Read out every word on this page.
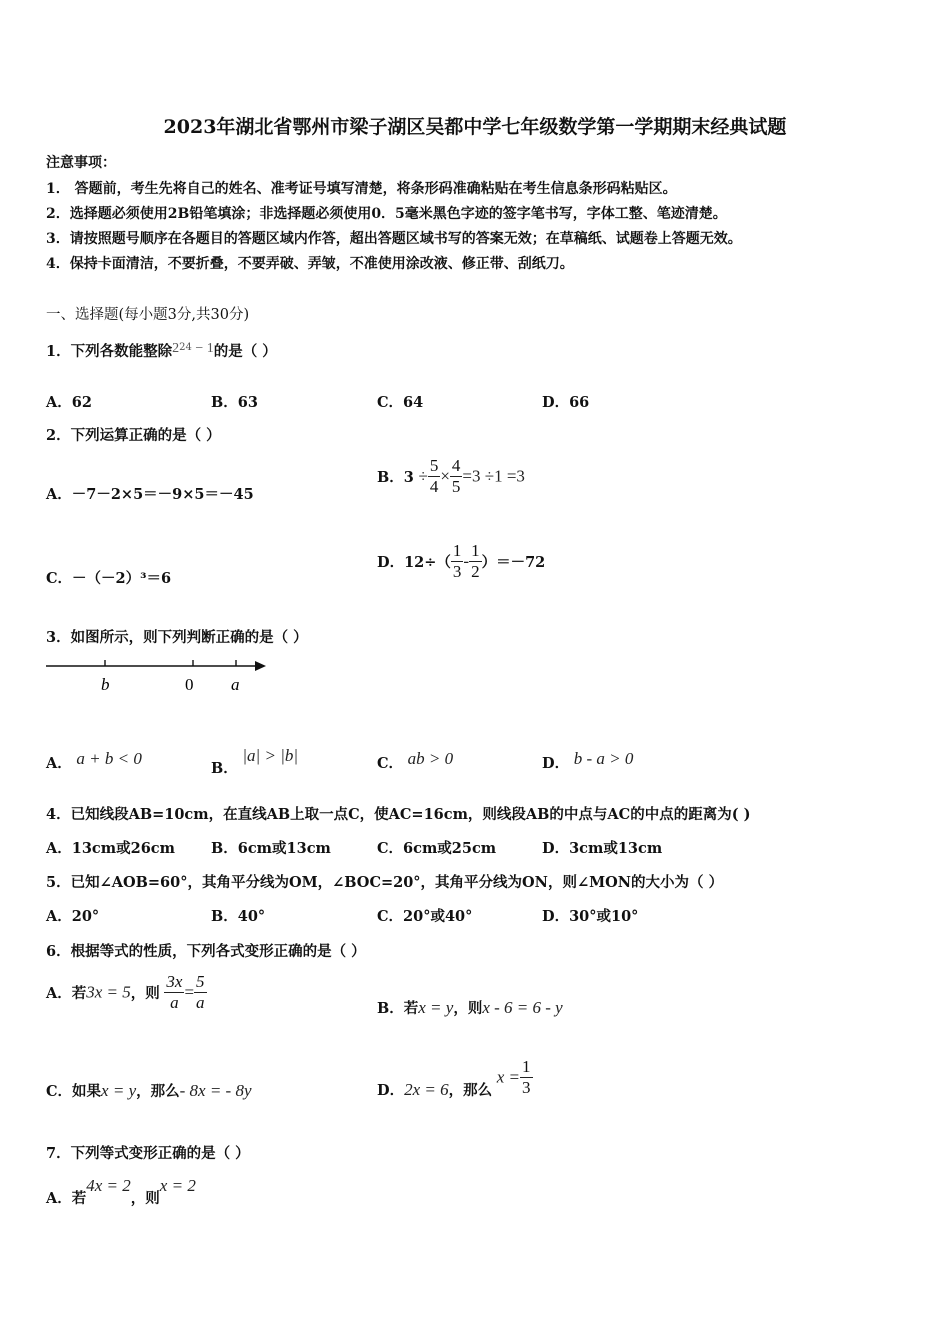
2023年湖北省鄂州市梁子湖区吴都中学七年级数学第一学期期末经典试题
注意事项：
1． 答题前，考生先将自己的姓名、准考证号填写清楚，将条形码准确粘贴在考生信息条形码粘贴区。
2．选择题必须使用2B铅笔填涂；非选择题必须使用0．5毫米黑色字迹的签字笔书写，字体工整、笔迹清楚。
3．请按照题号顺序在各题目的答题区域内作答，超出答题区域书写的答案无效；在草稿纸、试题卷上答题无效。
4．保持卡面清洁，不要折叠，不要弄破、弄皱，不准使用涂改液、修正带、刮纸刀。
一、选择题(每小题3分,共30分)
1．下列各数能整除$2^{24} - 1$的是（ ）
A．62	B．63	C．64	D．66
2．下列运算正确的是（ ）
A．－7－2×5＝－9×5＝－45
B．$3 \div \frac{5}{4} \times \frac{4}{5} =3 \div 1 =3$
C．－（－2）³＝6
D．$12\div( \frac{1}{3} - \frac{1}{2} )=-72$
3．如图所示，则下列判断正确的是（ ）
b	0 a
A． a + b < 0
B． |a| > |b|	C． ab > 0	D． b - a > 0
4．已知线段AB=10cm，在直线AB上取一点C，使AC=16cm，则线段AB的中点与AC的中点的距离为( )
A．13cm或26cm B．6cm或13cm	C．6cm或25cm	D．3cm或13cm
5．已知∠AOB=60°，其角平分线为OM，∠BOC=20°，其角平分线为ON，则∠MON的大小为（ ）
A．20°	B．40°	C．20°或40°	D．30°或10°
6．根据等式的性质，下列各式变形正确的是（ ）
A．若3x = 5，则 $\frac{3x}{a} = \frac{5}{a}$	B．若x = y，则x - 6 = 6 - y
C．如果x = y，那么- 8x = - 8y	D．2x = 6，那么 $x = \frac{1}{3}$
7．下列等式变形正确的是（ ）
A．若4x = 2，则x = 2
